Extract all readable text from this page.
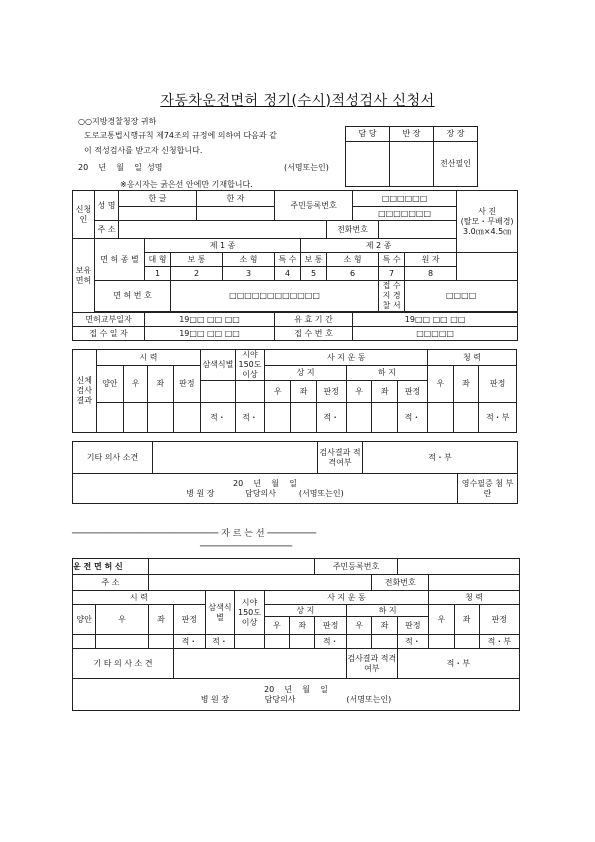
자동차운전면허 정기(수시)적성검사 신청서
○○지방경찰청장 귀하
도로교통법시행규칙 제74조의 규정에 의하여 다음과 같
이 적성검사를 받고자 신청합니다.
20    년    월    일  성명	(서명또는인)
※응시자는 굵은선 안에만 기재합니다.
담 당	반 장	장 장
		전산필인
신청인	성 명	한 글			한 자		주민등록번호			□□□□□□			사 진
(탈모・무배경)
3.0㎝×4.5㎝

										□□□□□□□			
	주 소								전화번호				
보유면허	면 허 종 별		제 1 종					제 2 종					
			대 형	보 통		소 형	특 수	보 통	소 형		특 수	원 자	
			1	2		3	4	5	6		7	8	
	면 허 번 호			□□□□□□□□□□□□							접 수 지 경 찰 서	□□□□	

면허교부일자			19□□ □□ □□				유 효 기 간			19□□ □□ □□			
접 수 일 자			19□□ □□ □□				접 수 번 호			□□□□□			
신체검사결과	시 력				삼색식별	시야150도이상	사 지 운 동						청 력		
	양안	우	좌	판정			상 지			하 지			우	좌	판정
							우	좌	판정	우	좌	판정			
					적・	적・			적・			적・			적・부
기타 의사 소견		검사결과 적격여부	적・부	

20    년    월    일
병 원 장 담당의사 (서명또는인)				영수필증 첨 부 란
─────────────────────────── 자 르 는 선 ─────────
─────────────────
운 전 면 허 신								주민등록번호						
주 소										전화번호				
시 력				삼색식별	시야150도이상	사 지 운 동						청 력		
양안	우	좌	판정			상 지			하 지			우	좌	판정
						우	좌	판정	우	좌	판정			
			적・	적・				적・			적・			적・부
기 타 의 사 소 견									검사결과 적격여부		적・부			

20    년    월    일
병 원 장 담당의사 (서명또는인)														
